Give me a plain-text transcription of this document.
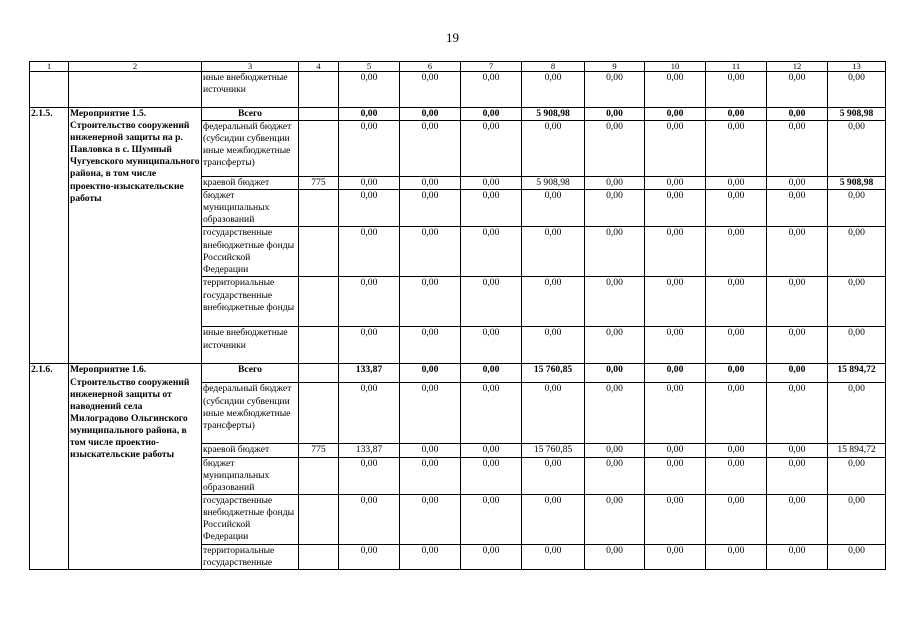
19
1	2	3	4	5	6	7	8	9	10	11	12	13
		иные внебюджетные источники		0,00	0,00	0,00	0,00	0,00	0,00	0,00	0,00	0,00
2.1.5.	Мероприятие 1.5. Строительство сооружений инженерной защиты на р. Павловка в с. Шумный Чугуевского муниципального района, в том числе проектно-изыскательские работы	Всего		0,00	0,00	0,00	5 908,98	0,00	0,00	0,00	0,00	5 908,98
		федеральный бюджет (субсидии субвенции иные межбюджетные трансферты)		0,00	0,00	0,00	0,00	0,00	0,00	0,00	0,00	0,00
		краевой бюджет	775	0,00	0,00	0,00	5 908,98	0,00	0,00	0,00	0,00	5 908,98
		бюджет муниципальных образований		0,00	0,00	0,00	0,00	0,00	0,00	0,00	0,00	0,00
		государственные внебюджетные фонды Российской Федерации		0,00	0,00	0,00	0,00	0,00	0,00	0,00	0,00	0,00
		территориальные государственные внебюджетные фонды		0,00	0,00	0,00	0,00	0,00	0,00	0,00	0,00	0,00
		иные внебюджетные источники		0,00	0,00	0,00	0,00	0,00	0,00	0,00	0,00	0,00
2.1.6.	Мероприятие 1.6. Строительство сооружений инженерной защиты от наводнений села Милоградово Ольгинского муниципального района, в том числе проектно-изыскательские работы	Всего		133,87	0,00	0,00	15 760,85	0,00	0,00	0,00	0,00	15 894,72
		федеральный бюджет (субсидии субвенции иные межбюджетные трансферты)		0,00	0,00	0,00	0,00	0,00	0,00	0,00	0,00	0,00
		краевой бюджет	775	133,87	0,00	0,00	15 760,85	0,00	0,00	0,00	0,00	15 894,72
		бюджет муниципальных образований		0,00	0,00	0,00	0,00	0,00	0,00	0,00	0,00	0,00
		государственные внебюджетные фонды Российской Федерации		0,00	0,00	0,00	0,00	0,00	0,00	0,00	0,00	0,00
		территориальные государственные		0,00	0,00	0,00	0,00	0,00	0,00	0,00	0,00	0,00
